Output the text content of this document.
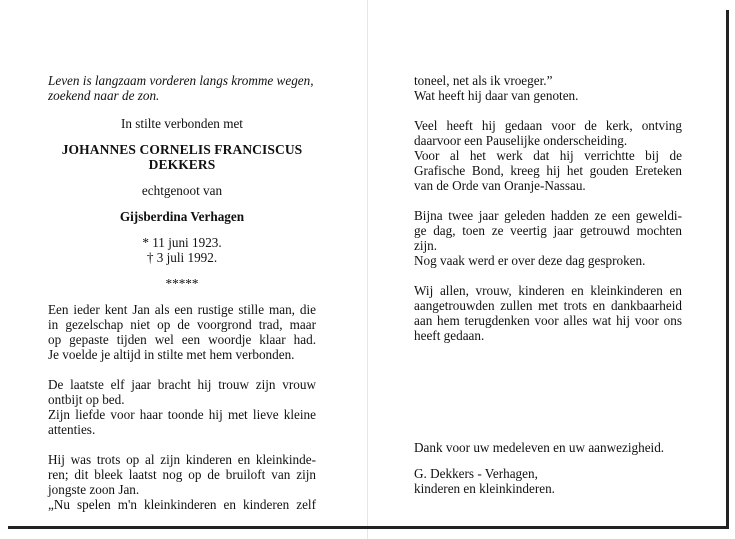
Leven is langzaam vorderen langs kromme wegen,
zoekend naar de zon.
In stilte verbonden met
JOHANNES CORNELIS FRANCISCUS
DEKKERS
echtgenoot van
Gijsberdina Verhagen
* 11 juni 1923.
† 3 juli 1992.
*****
Een ieder kent Jan als een rustige stille man, die
in gezelschap niet op de voorgrond trad, maar
op gepaste tijden wel een woordje klaar had.
Je voelde je altijd in stilte met hem verbonden.
De laatste elf jaar bracht hij trouw zijn vrouw
ontbijt op bed.
Zijn liefde voor haar toonde hij met lieve kleine
attenties.
Hij was trots op al zijn kinderen en kleinkinde-
ren; dit bleek laatst nog op de bruiloft van zijn
jongste zoon Jan.
„Nu spelen m'n kleinkinderen en kinderen zelf
toneel, net als ik vroeger.”
Wat heeft hij daar van genoten.
Veel heeft hij gedaan voor de kerk, ontving
daarvoor een Pauselijke onderscheiding.
Voor al het werk dat hij verrichtte bij de
Grafische Bond, kreeg hij het gouden Ereteken
van de Orde van Oranje-Nassau.
Bijna twee jaar geleden hadden ze een geweldi-
ge dag, toen ze veertig jaar getrouwd mochten
zijn.
Nog vaak werd er over deze dag gesproken.
Wij allen, vrouw, kinderen en kleinkinderen en
aangetrouwden zullen met trots en dankbaarheid
aan hem terugdenken voor alles wat hij voor ons
heeft gedaan.
Dank voor uw medeleven en uw aanwezigheid.
G. Dekkers - Verhagen,
kinderen en kleinkinderen.
